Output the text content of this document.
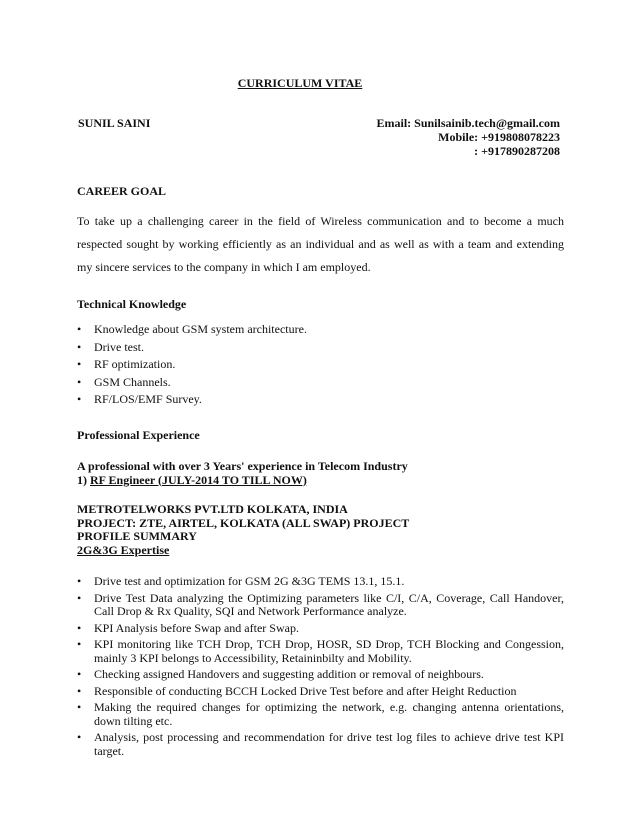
CURRICULUM VITAE
SUNIL SAINI	Email: Sunilsainib.tech@gmail.com
Mobile: +919808078223
: +917890287208
CAREER GOAL
To take up a challenging career in the field of Wireless communication and to become a much
respected sought by working efficiently as an individual and as well as with a team and extending
my sincere services to the company in which I am employed.
Technical Knowledge
• Knowledge about GSM system architecture.
• Drive test.
• RF optimization.
• GSM Channels.
• RF/LOS/EMF Survey.
Professional Experience
A professional with over 3 Years' experience in Telecom Industry
1) RF Engineer (JULY-2014 TO TILL NOW)
METROTELWORKS PVT.LTD KOLKATA, INDIA
PROJECT: ZTE, AIRTEL, KOLKATA (ALL SWAP) PROJECT
PROFILE SUMMARY
2G&3G Expertise
• Drive test and optimization for GSM 2G &3G TEMS 13.1, 15.1.
• Drive Test Data analyzing the Optimizing parameters like C/I, C/A, Coverage, Call Handover, Call Drop & Rx Quality, SQI and Network Performance analyze.
• KPI Analysis before Swap and after Swap.
• KPI monitoring like TCH Drop, TCH Drop, HOSR, SD Drop, TCH Blocking and Congession, mainly 3 KPI belongs to Accessibility, Retaininbilty and Mobility.
• Checking assigned Handovers and suggesting addition or removal of neighbours.
• Responsible of conducting BCCH Locked Drive Test before and after Height Reduction
• Making the required changes for optimizing the network, e.g. changing antenna orientations, down tilting etc.
• Analysis, post processing and recommendation for drive test log files to achieve drive test KPI target.
